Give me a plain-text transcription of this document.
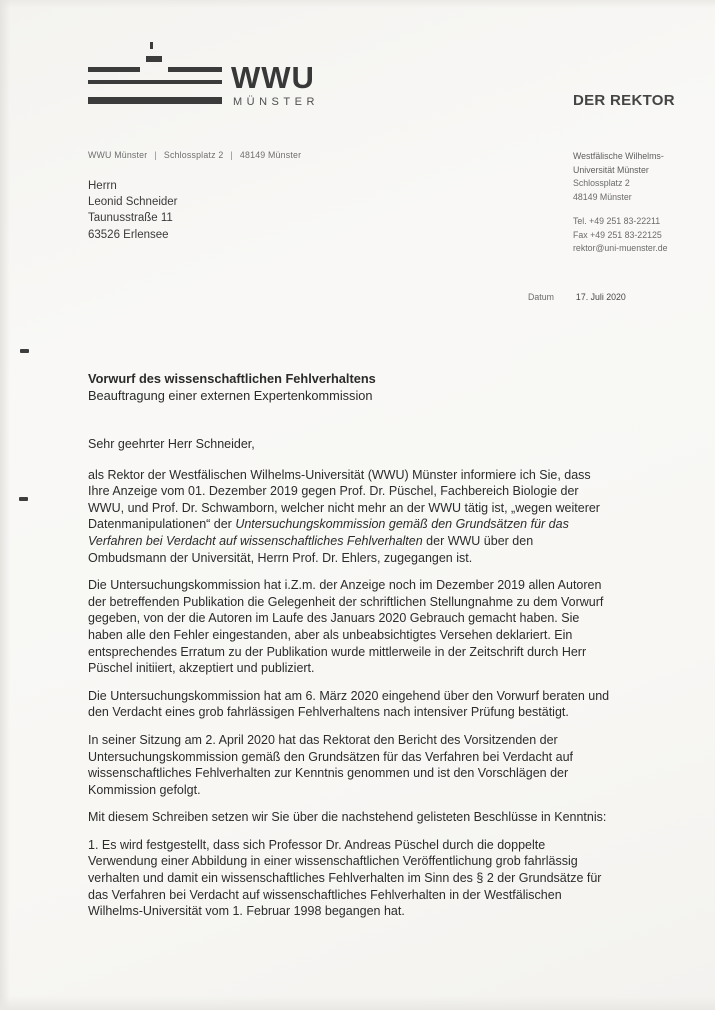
WWU
MÜNSTER	DER REKTOR
WWU Münster | Schlossplatz 2 | 48149 Münster
Herrn
Leonid Schneider
Taunusstraße 11
63526 Erlensee
Westfälische Wilhelms-
Universität Münster
Schlossplatz 2
48149 Münster
Tel. +49 251 83-22211
Fax +49 251 83-22125
rektor@uni-muenster.de
Datum	17. Juli 2020
Vorwurf des wissenschaftlichen Fehlverhaltens
Beauftragung einer externen Expertenkommission

Sehr geehrter Herr Schneider,

als Rektor der Westfälischen Wilhelms-Universität (WWU) Münster informiere ich Sie, dass Ihre Anzeige vom 01. Dezember 2019 gegen Prof. Dr. Püschel, Fachbereich Biologie der WWU, und Prof. Dr. Schwamborn, welcher nicht mehr an der WWU tätig ist, „wegen weiterer Datenmanipulationen“ der Untersuchungskommission gemäß den Grundsätzen für das Verfahren bei Verdacht auf wissenschaftliches Fehlverhalten der WWU über den Ombudsmann der Universität, Herrn Prof. Dr. Ehlers, zugegangen ist.

Die Untersuchungskommission hat i.Z.m. der Anzeige noch im Dezember 2019 allen Autoren der betreffenden Publikation die Gelegenheit der schriftlichen Stellungnahme zu dem Vorwurf gegeben, von der die Autoren im Laufe des Januars 2020 Gebrauch gemacht haben. Sie haben alle den Fehler eingestanden, aber als unbeabsichtigtes Versehen deklariert. Ein entsprechendes Erratum zu der Publikation wurde mittlerweile in der Zeitschrift durch Herr Püschel initiiert, akzeptiert und publiziert.

Die Untersuchungskommission hat am 6. März 2020 eingehend über den Vorwurf beraten und den Verdacht eines grob fahrlässigen Fehlverhaltens nach intensiver Prüfung bestätigt.

In seiner Sitzung am 2. April 2020 hat das Rektorat den Bericht des Vorsitzenden der Untersuchungskommission gemäß den Grundsätzen für das Verfahren bei Verdacht auf wissenschaftliches Fehlverhalten zur Kenntnis genommen und ist den Vorschlägen der Kommission gefolgt.

Mit diesem Schreiben setzen wir Sie über die nachstehend gelisteten Beschlüsse in Kenntnis:

1. Es wird festgestellt, dass sich Professor Dr. Andreas Püschel durch die doppelte Verwendung einer Abbildung in einer wissenschaftlichen Veröffentlichung grob fahrlässig verhalten und damit ein wissenschaftliches Fehlverhalten im Sinn des § 2 der Grundsätze für das Verfahren bei Verdacht auf wissenschaftliches Fehlverhalten in der Westfälischen Wilhelms-Universität vom 1. Februar 1998 begangen hat.
